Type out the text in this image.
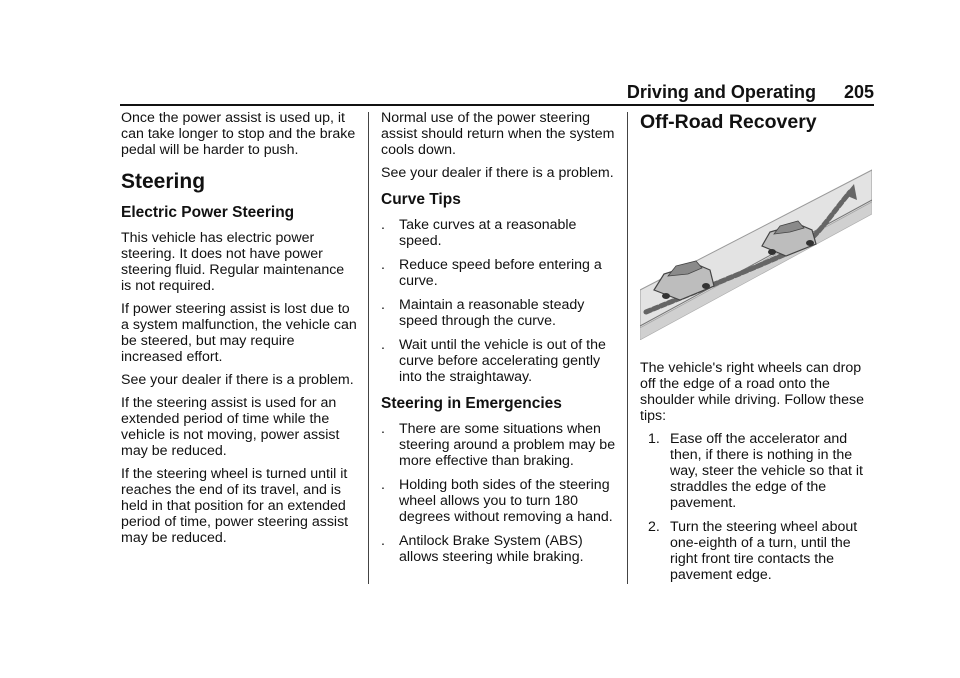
Driving and Operating 205

Once the power assist is used up, it can take longer to stop and the brake pedal will be harder to push.

Steering
Electric Power Steering

This vehicle has electric power steering. It does not have power steering fluid. Regular maintenance is not required.

If power steering assist is lost due to a system malfunction, the vehicle can be steered, but may require increased effort.

See your dealer if there is a problem.

If the steering assist is used for an extended period of time while the vehicle is not moving, power assist may be reduced.

If the steering wheel is turned until it reaches the end of its travel, and is held in that position for an extended period of time, power steering assist may be reduced.

Normal use of the power steering assist should return when the system cools down.

See your dealer if there is a problem.

Curve Tips
. Take curves at a reasonable speed.
. Reduce speed before entering a curve.
. Maintain a reasonable steady speed through the curve.
. Wait until the vehicle is out of the curve before accelerating gently into the straightaway.
Steering in Emergencies
. There are some situations when steering around a problem may be more effective than braking.
. Holding both sides of the steering wheel allows you to turn 180 degrees without removing a hand.
. Antilock Brake System (ABS) allows steering while braking.
Off-Road Recovery

The vehicle's right wheels can drop off the edge of a road onto the shoulder while driving. Follow these tips:

1. Ease off the accelerator and then, if there is nothing in the way, steer the vehicle so that it straddles the edge of the pavement.
2. Turn the steering wheel about one-eighth of a turn, until the right front tire contacts the pavement edge.
